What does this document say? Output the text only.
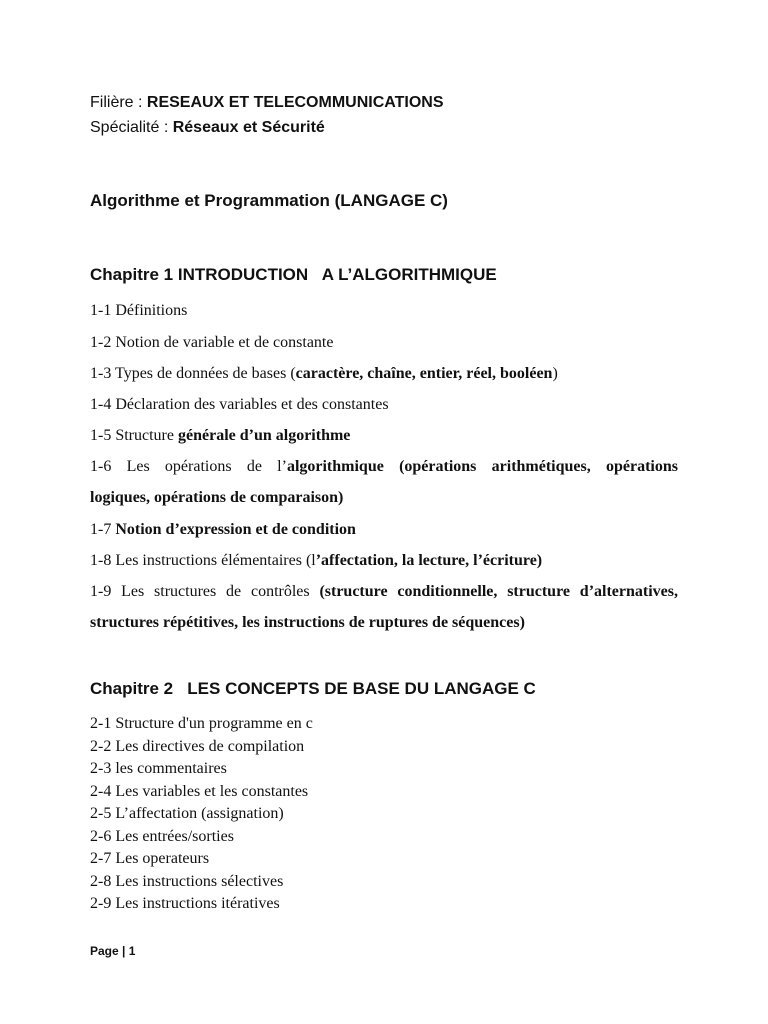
Filière : RESEAUX ET TELECOMMUNICATIONS
Spécialité : Réseaux et Sécurité
Algorithme et Programmation (LANGAGE C)
Chapitre 1 INTRODUCTION   A L’ALGORITHMIQUE
1-1 Définitions
1-2 Notion de variable et de constante
1-3 Types de données de bases (caractère, chaîne, entier, réel, booléen)
1-4 Déclaration des variables et des constantes
1-5 Structure générale d’un algorithme
1-6 Les opérations de l’algorithmique (opérations arithmétiques, opérations
logiques, opérations de comparaison)
1-7 Notion d’expression et de condition
1-8 Les instructions élémentaires (l’affectation, la lecture, l’écriture)
1-9 Les structures de contrôles (structure conditionnelle, structure d’alternatives,
structures répétitives, les instructions de ruptures de séquences)
Chapitre 2   LES CONCEPTS DE BASE DU LANGAGE C
2-1 Structure d'un programme en c
2-2 Les directives de compilation
2-3 les commentaires
2-4 Les variables et les constantes
2-5 L’affectation (assignation)
2-6 Les entrées/sorties
2-7 Les operateurs
2-8 Les instructions sélectives
2-9 Les instructions itératives
Page | 1
